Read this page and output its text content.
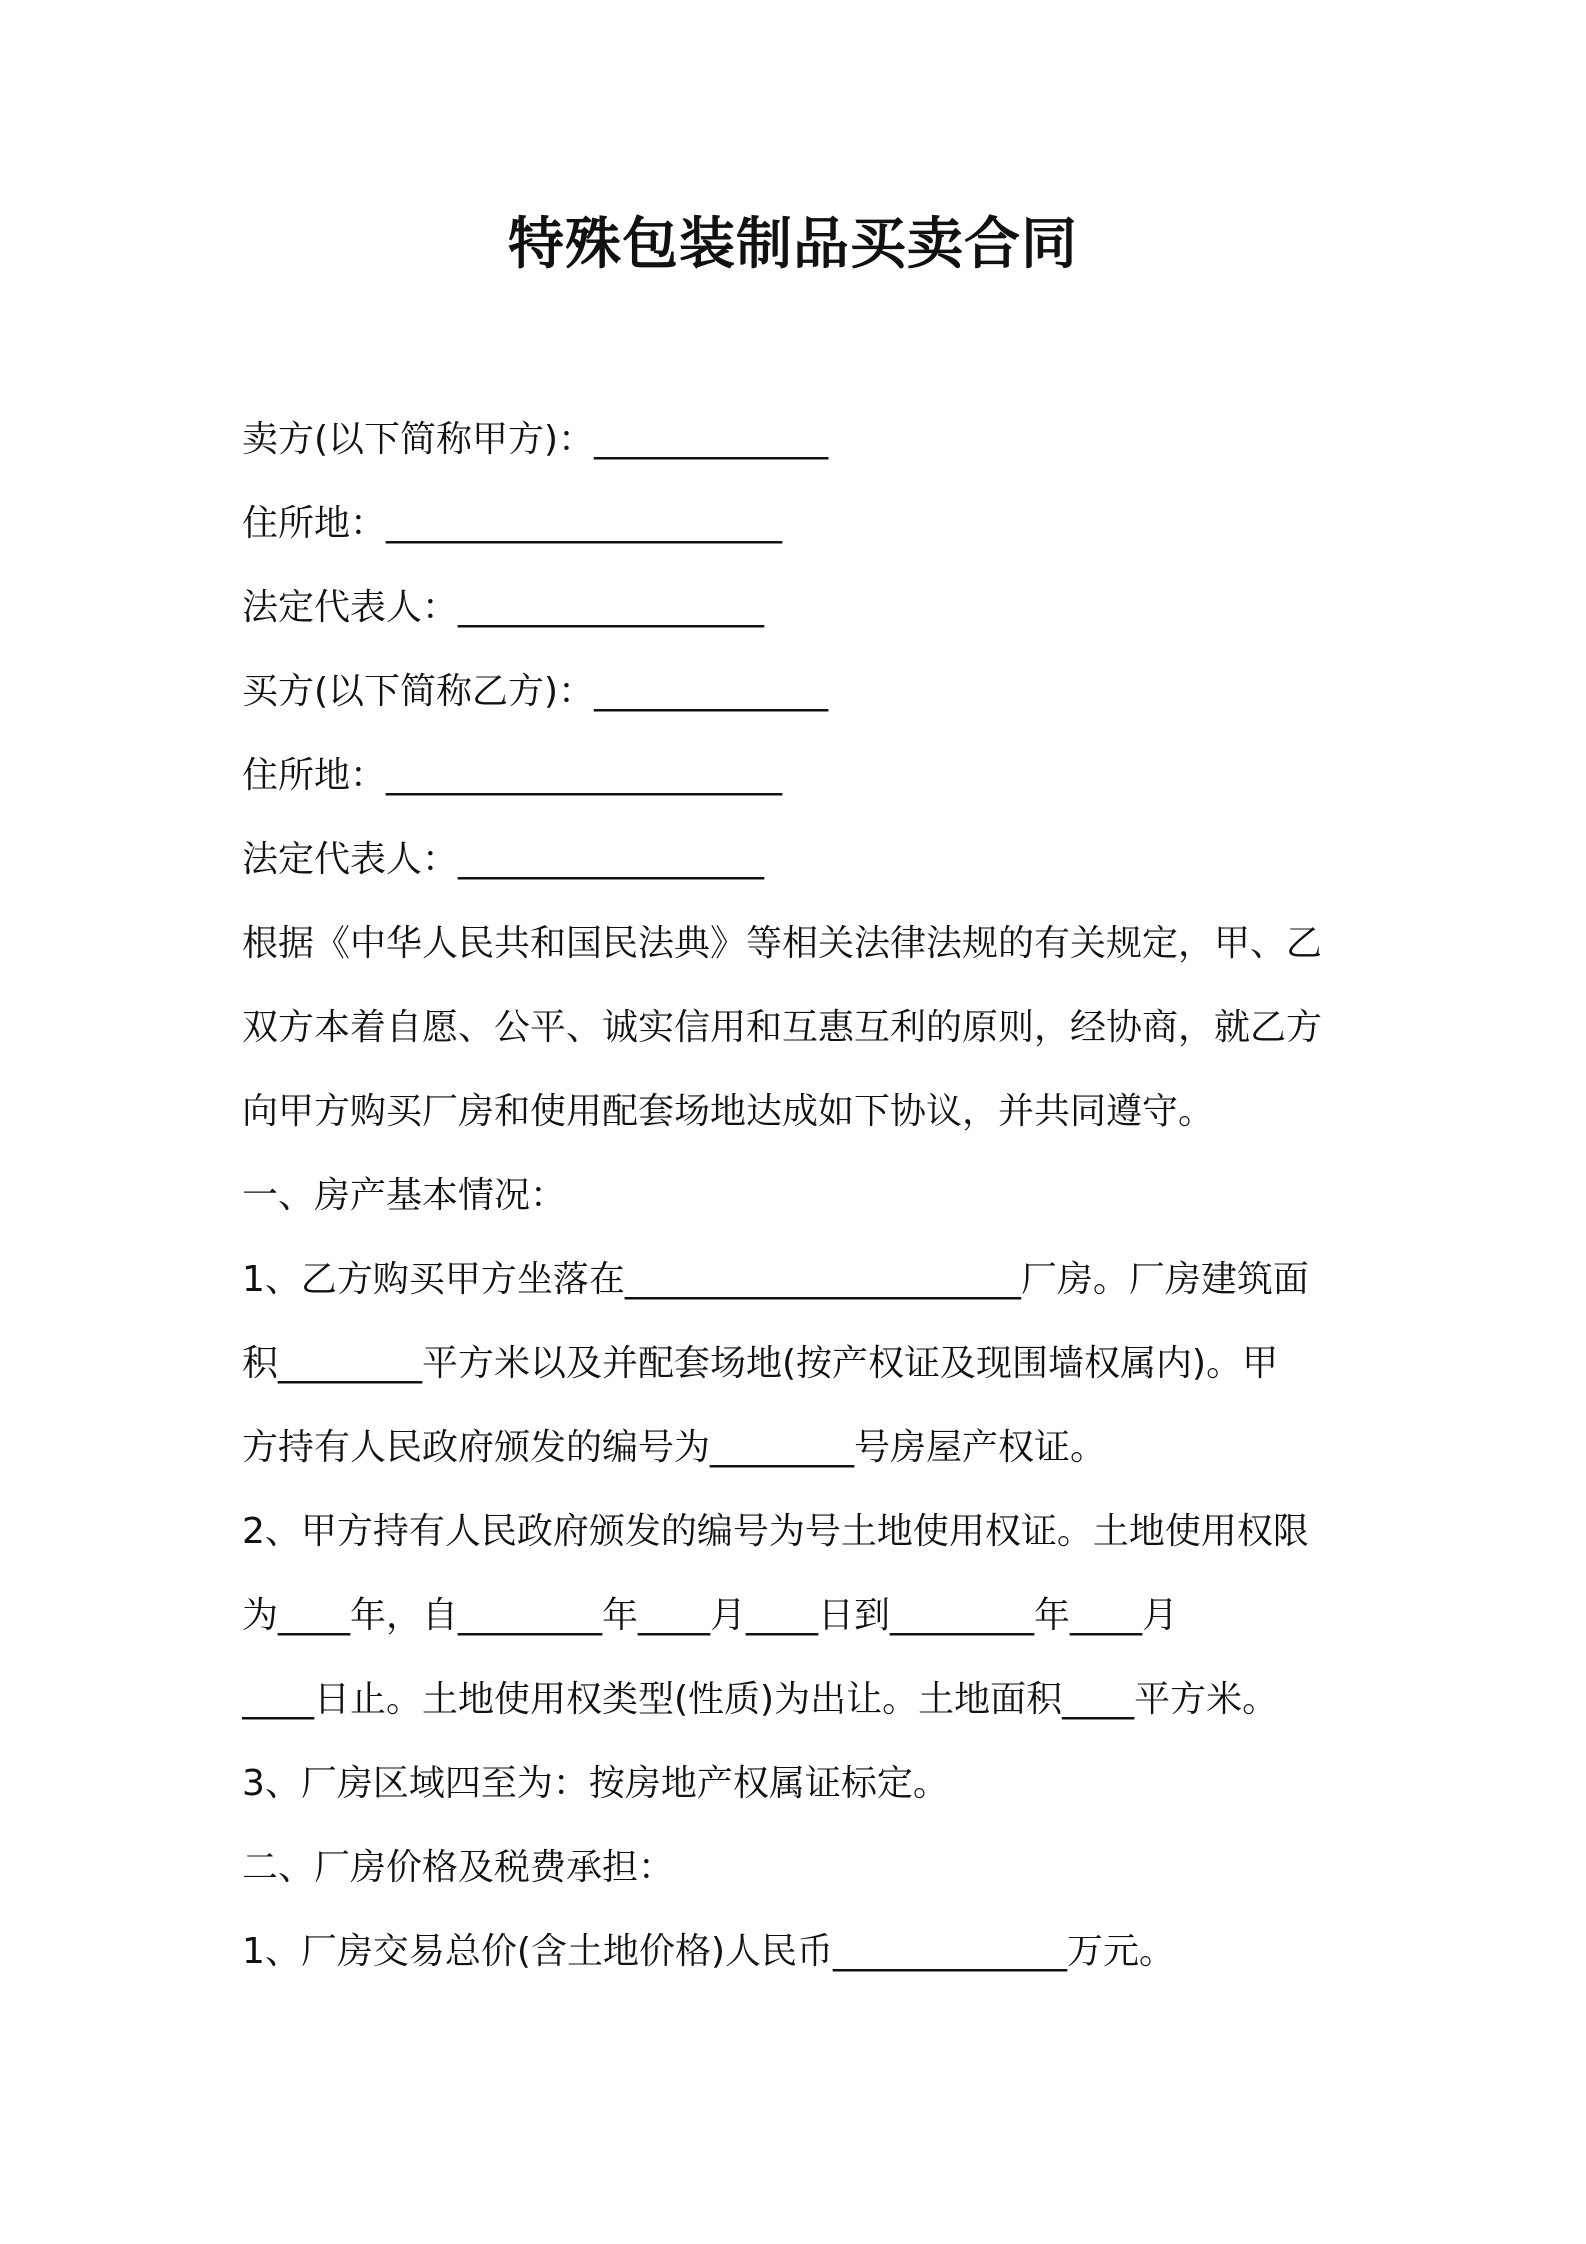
特殊包装制品买卖合同
卖方(以下简称甲方)：_____________
住所地：______________________
法定代表人：_________________
买方(以下简称乙方)：_____________
住所地：______________________
法定代表人：_________________
根据《中华人民共和国民法典》等相关法律法规的有关规定，甲、乙
双方本着自愿、公平、诚实信用和互惠互利的原则，经协商，就乙方
向甲方购买厂房和使用配套场地达成如下协议，并共同遵守。
一、房产基本情况：
1、乙方购买甲方坐落在______________________厂房。厂房建筑面
积________平方米以及并配套场地(按产权证及现围墙权属内)。甲
方持有人民政府颁发的编号为________号房屋产权证。
2、甲方持有人民政府颁发的编号为号土地使用权证。土地使用权限
为____年，自________年____月____日到________年____月
____日止。土地使用权类型(性质)为出让。土地面积____平方米。
3、厂房区域四至为：按房地产权属证标定。
二、厂房价格及税费承担：
1、厂房交易总价(含土地价格)人民币_____________万元。
